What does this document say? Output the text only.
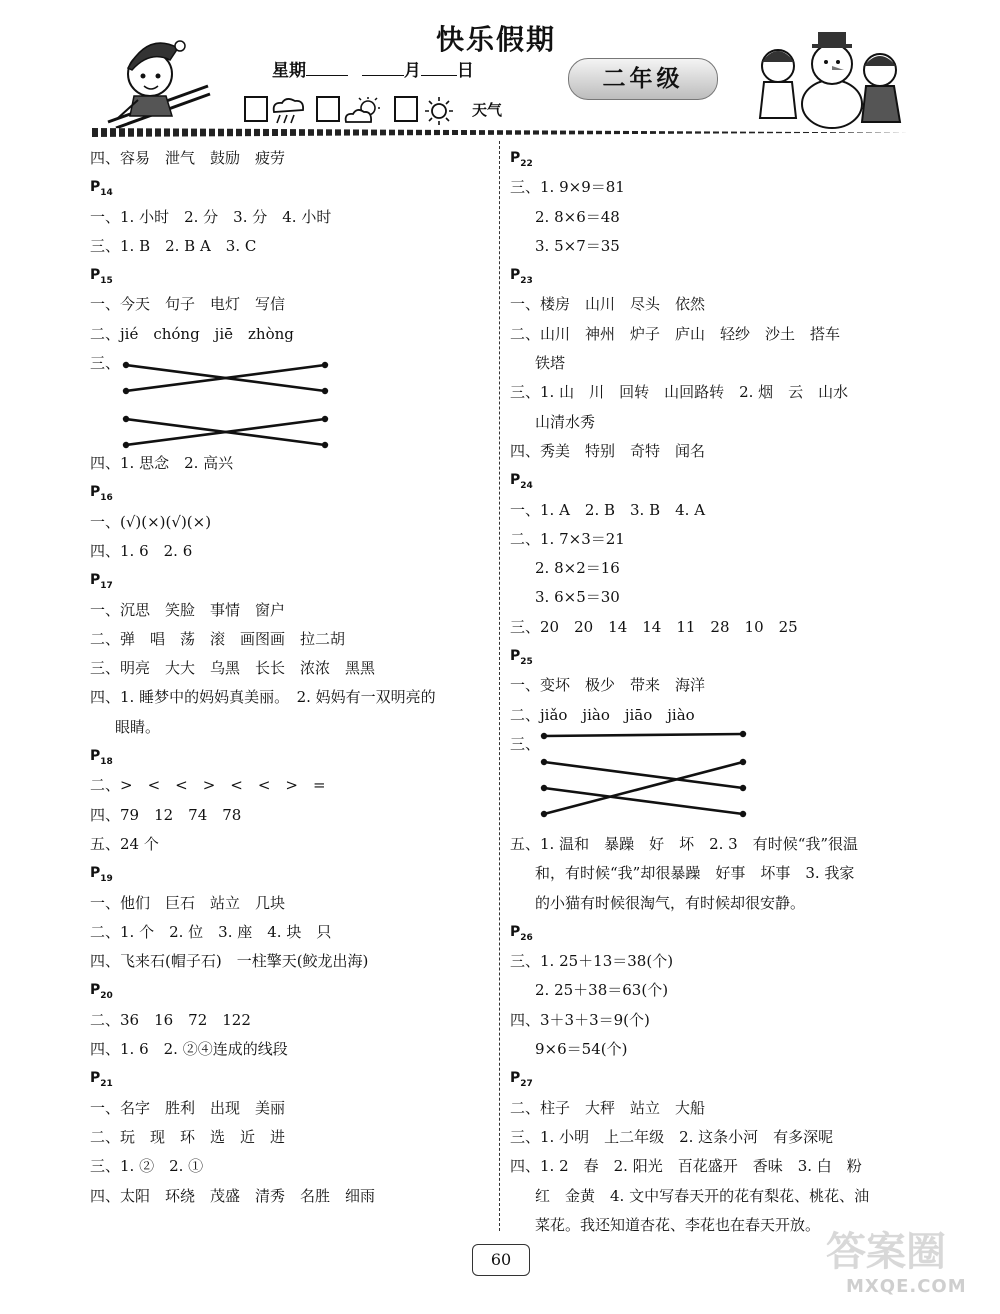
快乐假期
星期	月 日	二年级
天气
四、容易　泄气　鼓励　疲劳
$P_{14}$
一、1. 小时　2. 分　3. 分　4. 小时
三、1. B　2. B A　3. C
$P_{15}$
一、今天　句子　电灯　写信
二、jié　chóng　jiē　zhòng
三、
四、1. 思念　2. 高兴
$P_{16}$
一、(√)(×)(√)(×)
四、1. 6　2. 6
$P_{17}$
一、沉思　笑脸　事情　窗户
二、弹　唱　荡　滚　画图画　拉二胡
三、明亮　大大　乌黑　长长　浓浓　黑黑
四、1. 睡梦中的妈妈真美丽。　2. 妈妈有一双明亮的
眼睛。
$P_{18}$
二、>　<　<　>　<　<　>　=
四、79　12　74　78
五、24 个
$P_{19}$
一、他们　巨石　站立　几块
二、1. 个　2. 位　3. 座　4. 块　只
四、飞来石(帽子石)　一柱擎天(鲛龙出海)
$P_{20}$
二、36　16　72　122
四、1. 6　2. ②④连成的线段
$P_{21}$
一、名字　胜利　出现　美丽
二、玩　现　环　选　近　进
三、1. ②　2. ①
四、太阳　环绕　茂盛　清秀　名胜　细雨
$P_{22}$
三、1. 9×9＝81
2. 8×6＝48
3. 5×7＝35
$P_{23}$
一、楼房　山川　尽头　依然
二、山川　神州　炉子　庐山　轻纱　沙土　搭车
铁塔
三、1. 山　川　回转　山回路转　2. 烟　云　山水
山清水秀
四、秀美　特别　奇特　闻名
$P_{24}$
一、1. A　2. B　3. B　4. A
二、1. 7×3＝21
2. 8×2＝16
3. 6×5＝30
三、20　20　14　14　11　28　10　25
$P_{25}$
一、变坏　极少　带来　海洋
二、jiǎo　jiào　jiāo　jiào
三、
五、1. 温和　暴躁　好　坏　2. 3　有时候“我”很温
和，有时候“我”却很暴躁　好事　坏事　3. 我家
的小猫有时候很淘气，有时候却很安静。
$P_{26}$
三、1. 25＋13＝38(个)
2. 25＋38＝63(个)
四、3＋3＋3＝9(个)
9×6＝54(个)
$P_{27}$
二、柱子　大秤　站立　大船
三、1. 小明　上二年级　2. 这条小河　有多深呢
四、1. 2　春　2. 阳光　百花盛开　香味　3. 白　粉
红　金黄　4. 文中写春天开的花有梨花、桃花、油
菜花。我还知道杏花、李花也在春天开放。
60	答案圈
MXQE.COM
